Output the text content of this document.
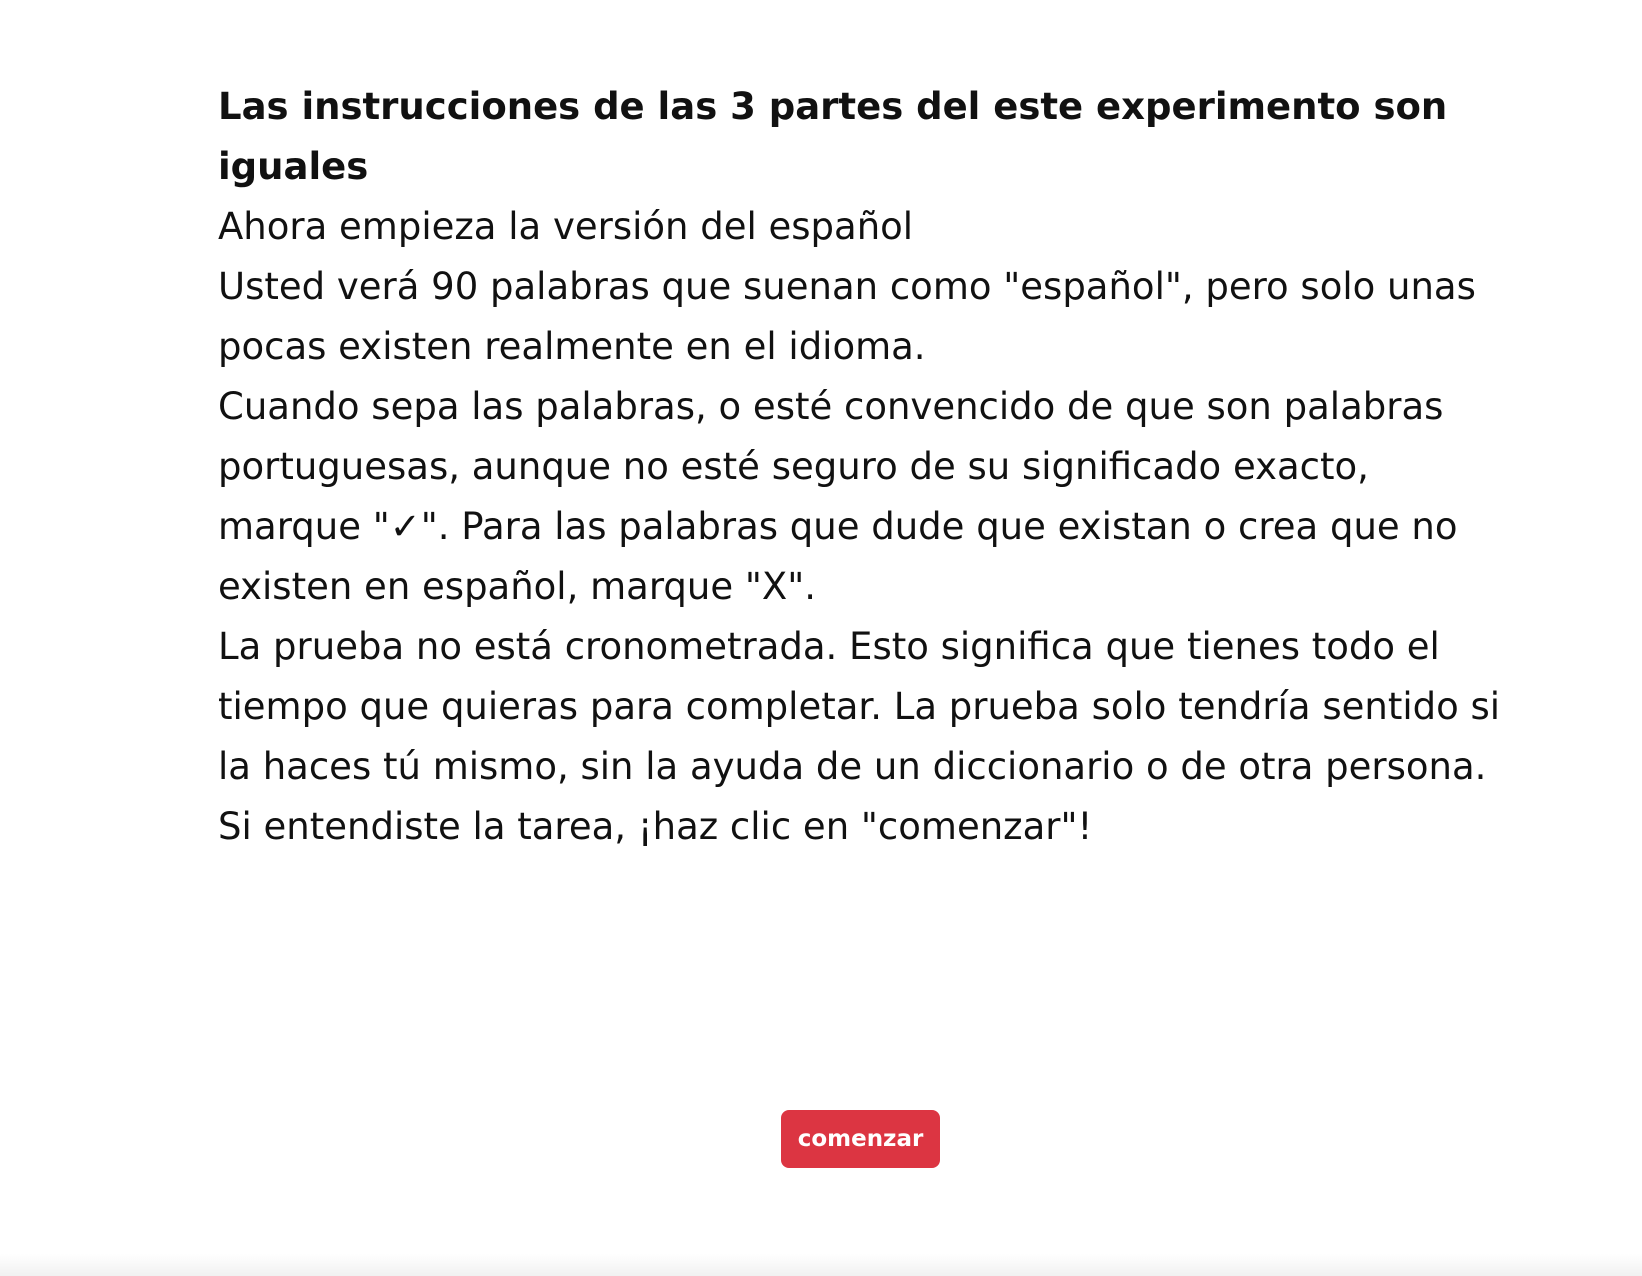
Las instrucciones de las 3 partes del este experimento son iguales

Ahora empieza la versión del español

Usted verá 90 palabras que suenan como "español", pero solo unas pocas existen realmente en el idioma.

Cuando sepa las palabras, o esté convencido de que son palabras portuguesas, aunque no esté seguro de su significado exacto, marque "✓". Para las palabras que dude que existan o crea que no existen en español, marque "X".

La prueba no está cronometrada. Esto significa que tienes todo el tiempo que quieras para completar. La prueba solo tendría sentido si la haces tú mismo, sin la ayuda de un diccionario o de otra persona.

Si entendiste la tarea, ¡haz clic en "comenzar"!

comenzar
